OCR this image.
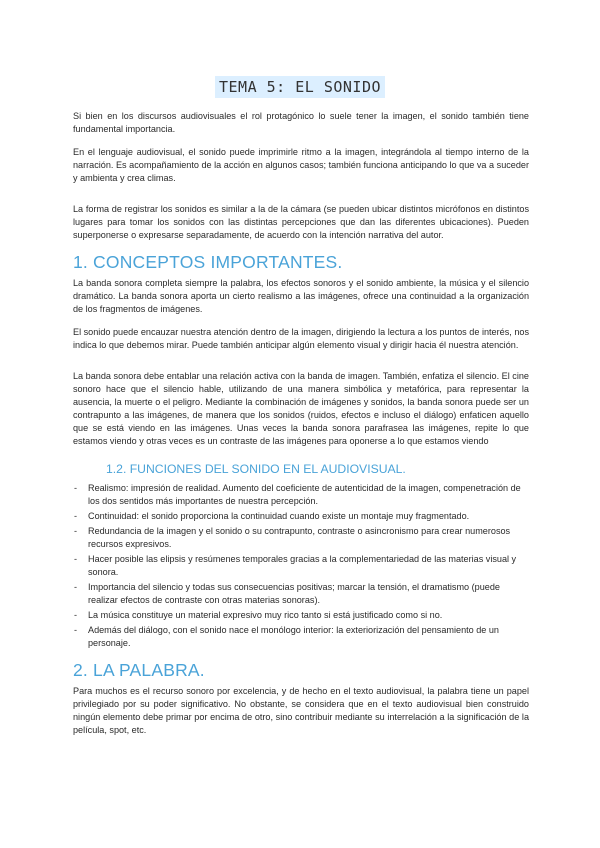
TEMA 5: EL SONIDO

Si bien en los discursos audiovisuales el rol protagónico lo suele tener la imagen, el sonido también tiene fundamental importancia.

En el lenguaje audiovisual, el sonido puede imprimirle ritmo a la imagen, integrándola al tiempo interno de la narración. Es acompañamiento de la acción en algunos casos; también funciona anticipando lo que va a suceder y ambienta y crea climas.

La forma de registrar los sonidos es similar a la de la cámara (se pueden ubicar distintos micrófonos en distintos lugares para tomar los sonidos con las distintas percepciones que dan las diferentes ubicaciones). Pueden superponerse o expresarse separadamente, de acuerdo con la intención narrativa del autor.

1. CONCEPTOS IMPORTANTES.

La banda sonora completa siempre la palabra, los efectos sonoros y el sonido ambiente, la música y el silencio dramático. La banda sonora aporta un cierto realismo a las imágenes, ofrece una continuidad a la organización de los fragmentos de imágenes.

El sonido puede encauzar nuestra atención dentro de la imagen, dirigiendo la lectura a los puntos de interés, nos indica lo que debemos mirar. Puede también anticipar algún elemento visual y dirigir hacia él nuestra atención.

La banda sonora debe entablar una relación activa con la banda de imagen. También, enfatiza el silencio. El cine sonoro hace que el silencio hable, utilizando de una manera simbólica y metafórica, para representar la ausencia, la muerte o el peligro. Mediante la combinación de imágenes y sonidos, la banda sonora puede ser un contrapunto a las imágenes, de manera que los sonidos (ruidos, efectos e incluso el diálogo) enfaticen aquello que se está viendo en las imágenes. Unas veces la banda sonora parafrasea las imágenes, repite lo que estamos viendo y otras veces es un contraste de las imágenes para oponerse a lo que estamos viendo

1.2. FUNCIONES DEL SONIDO EN EL AUDIOVISUAL.
- Realismo: impresión de realidad. Aumento del coeficiente de autenticidad de la imagen, compenetración de los dos sentidos más importantes de nuestra percepción.
- Continuidad: el sonido proporciona la continuidad cuando existe un montaje muy fragmentado.
- Redundancia de la imagen y el sonido o su contrapunto, contraste o asincronismo para crear numerosos recursos expresivos.
- Hacer posible las elipsis y resúmenes temporales gracias a la complementariedad de las materias visual y sonora.
- Importancia del silencio y todas sus consecuencias positivas; marcar la tensión, el dramatismo (puede realizar efectos de contraste con otras materias sonoras).
- La música constituye un material expresivo muy rico tanto si está justificado como si no.
- Además del diálogo, con el sonido nace el monólogo interior: la exteriorización del pensamiento de un personaje.
2. LA PALABRA.

Para muchos es el recurso sonoro por excelencia, y de hecho en el texto audiovisual, la palabra tiene un papel privilegiado por su poder significativo. No obstante, se considera que en el texto audiovisual bien construido ningún elemento debe primar por encima de otro, sino contribuir mediante su interrelación a la significación de la película, spot, etc.
